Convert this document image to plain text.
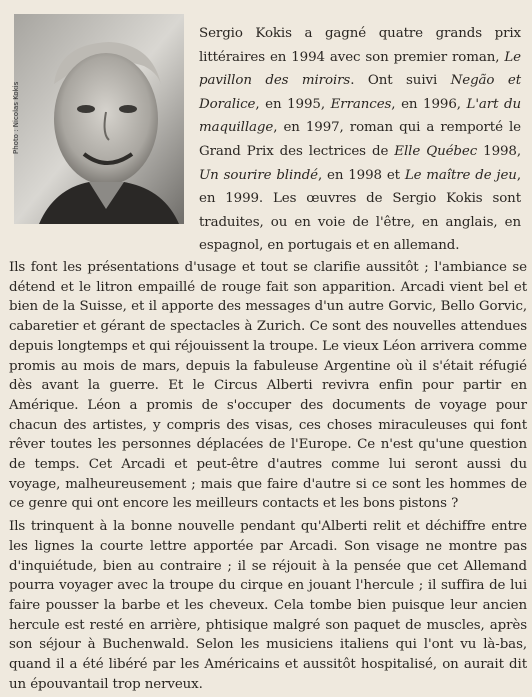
Photo : Nicolas Kokis
Sergio Kokis a gagné quatre grands prix littéraires en 1994 avec son premier roman, Le pavillon des miroirs. Ont suivi Negão et Doralice, en 1995, Errances, en 1996, L'art du maquillage, en 1997, roman qui a remporté le Grand Prix des lectrices de Elle Québec 1998, Un sourire blindé, en 1998 et Le maître de jeu, en 1999. Les œuvres de Sergio Kokis sont traduites, ou en voie de l'être, en anglais, en espagnol, en portugais et en allemand.

Ils font les présentations d'usage et tout se clarifie aussitôt ; l'ambiance se détend et le litron empaillé de rouge fait son apparition. Arcadi vient bel et bien de la Suisse, et il apporte des messages d'un autre Gorvic, Bello Gorvic, cabaretier et gérant de spectacles à Zurich. Ce sont des nouvelles attendues depuis longtemps et qui réjouissent la troupe. Le vieux Léon arrivera comme promis au mois de mars, depuis la fabuleuse Argentine où il s'était réfugié dès avant la guerre. Et le Circus Alberti revivra enfin pour partir en Amérique. Léon a promis de s'occuper des documents de voyage pour chacun des artistes, y compris des visas, ces choses miraculeuses qui font rêver toutes les personnes déplacées de l'Europe. Ce n'est qu'une question de temps. Cet Arcadi et peut-être d'autres comme lui seront aussi du voyage, malheureusement ; mais que faire d'autre si ce sont les hommes de ce genre qui ont encore les meilleurs contacts et les bons pistons ?

Ils trinquent à la bonne nouvelle pendant qu'Alberti relit et déchiffre entre les lignes la courte lettre apportée par Arcadi. Son visage ne montre pas d'inquiétude, bien au contraire ; il se réjouit à la pensée que cet Allemand pourra voyager avec la troupe du cirque en jouant l'hercule ; il suffira de lui faire pousser la barbe et les cheveux. Cela tombe bien puisque leur ancien hercule est resté en arrière, phtisique malgré son paquet de muscles, après son séjour à Buchenwald. Selon les musiciens italiens qui l'ont vu là-bas, quand il a été libéré par les Américains et aussitôt hospitalisé, on aurait dit un épouvantail trop nerveux.
